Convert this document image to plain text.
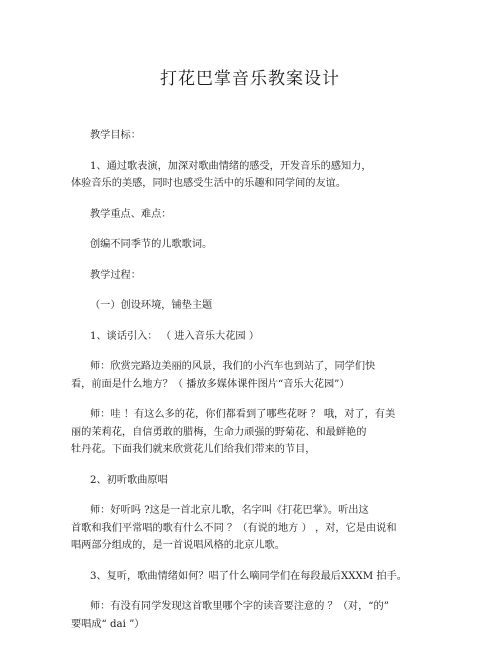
打花巴掌音乐教案设计

教学目标：

1、通过歌表演，加深对歌曲情绪的感受，开发音乐的感知力，
体验音乐的美感，同时也感受生活中的乐趣和同学间的友谊。

教学重点、难点：

创编不同季节的儿歌歌词。

教学过程：

（一）创设环境，铺垫主题

1、谈话引入： （ 进入音乐大花园 ）

师：欣赏完路边美丽的风景，我们的小汽车也到站了，同学们快
看，前面是什么地方？（ 播放多媒体课件图片“音乐大花园”）

师：哇 ！有这么多的花，你们都看到了哪些花呀 ？ 哦，对了，有美
丽的茉莉花，自信勇敢的腊梅，生命力顽强的野菊花、和最鲜艳的
牡丹花。下面我们就来欣赏花儿们给我们带来的节目，

2、初听歌曲原唱

师：好听吗 ?这是一首北京儿歌，名字叫《打花巴掌》。听出这
首歌和我们平常唱的歌有什么不同 ？（有说的地方 ） ，对，它是由说和
唱两部分组成的，是一首说唱风格的北京儿歌。

3、复听，歌曲情绪如何？唱了什么嘀同学们在每段最后XXXM 拍手。

师：有没有同学发现这首歌里哪个字的读音要注意的 ？（对，“的”
要唱成“ dai ”）
